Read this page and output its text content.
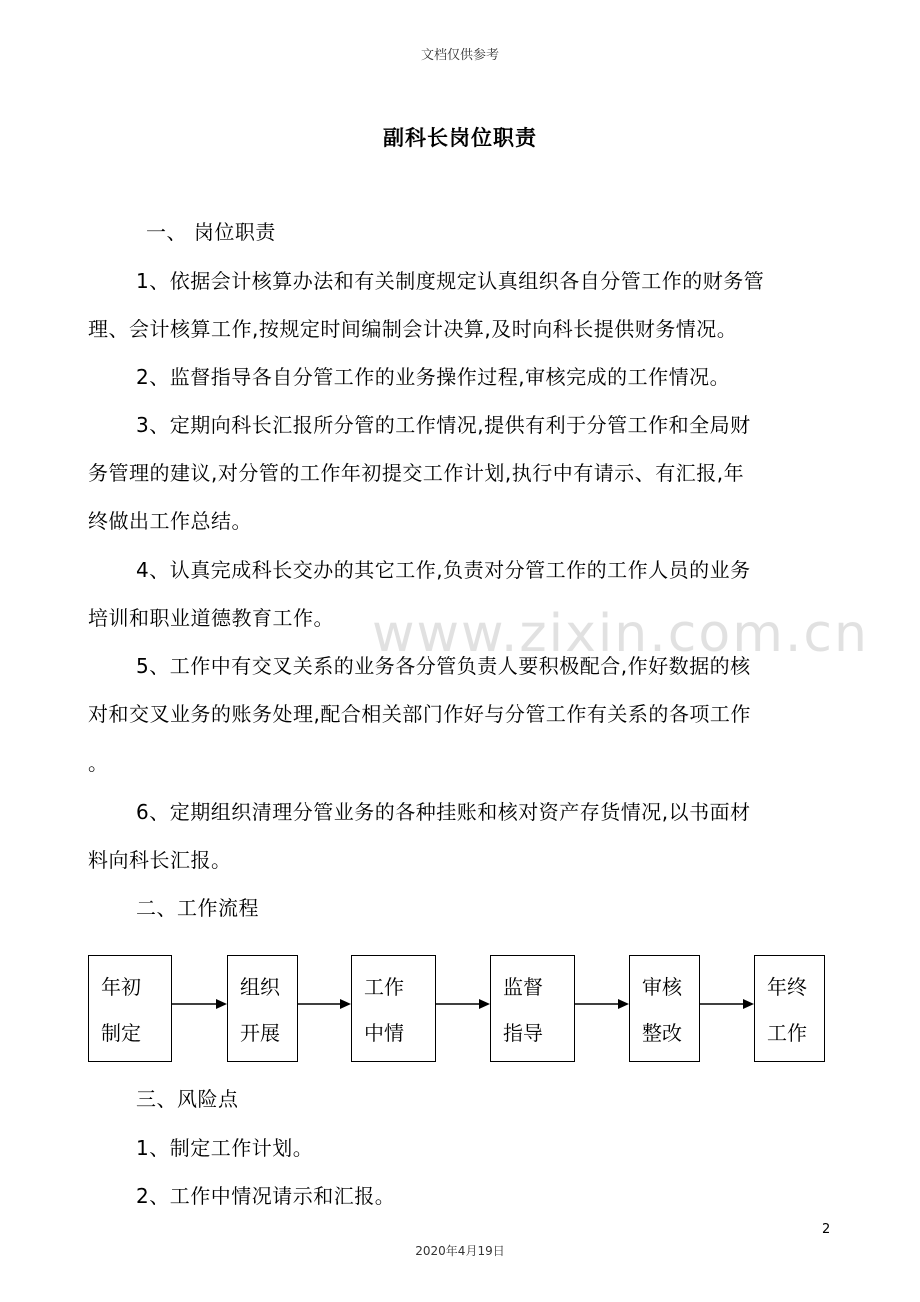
文档仅供参考
副科长岗位职责
www.zixin.com.cn
一、 岗位职责
1、依据会计核算办法和有关制度规定认真组织各自分管工作的财务管
理、会计核算工作,按规定时间编制会计决算,及时向科长提供财务情况。
2、监督指导各自分管工作的业务操作过程,审核完成的工作情况。
3、定期向科长汇报所分管的工作情况,提供有利于分管工作和全局财
务管理的建议,对分管的工作年初提交工作计划,执行中有请示、有汇报,年
终做出工作总结。
4、认真完成科长交办的其它工作,负责对分管工作的工作人员的业务
培训和职业道德教育工作。
5、工作中有交叉关系的业务各分管负责人要积极配合,作好数据的核
对和交叉业务的账务处理,配合相关部门作好与分管工作有关系的各项工作
。
6、定期组织清理分管业务的各种挂账和核对资产存货情况,以书面材
料向科长汇报。
二、工作流程
年初
制定
组织
开展
工作
中情
监督
指导
审核
整改
年终
工作
三、风险点
1、制定工作计划。
2、工作中情况请示和汇报。
2
2020年4月19日
